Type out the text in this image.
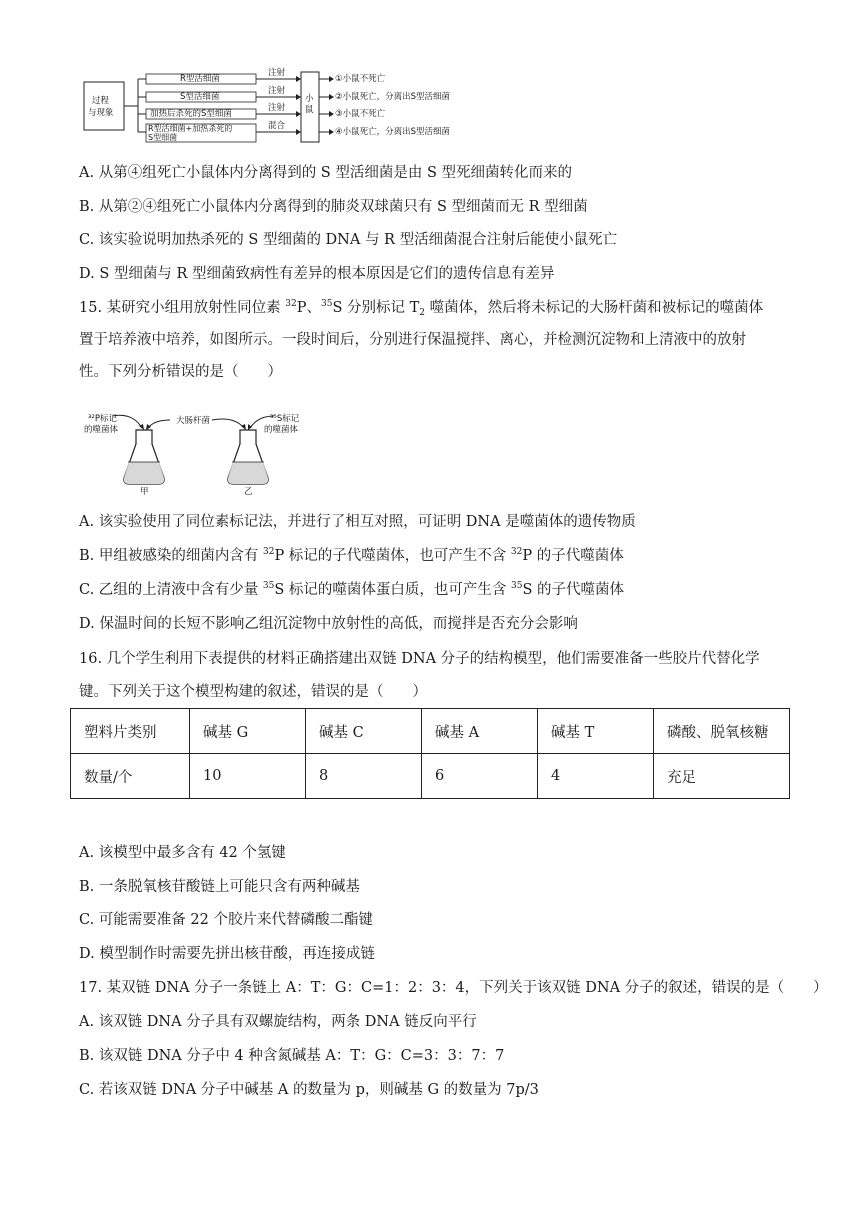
过程
与现象
R型活细菌
S型活细菌
加热后杀死的S型细菌
R型活细菌+加热杀死的
S型细菌
注射
注射
注射
混合
小鼠
①小鼠不死亡
②小鼠死亡，分离出S型活细菌
③小鼠不死亡
④小鼠死亡，分离出S型活细菌
A. 从第④组死亡小鼠体内分离得到的 S 型活细菌是由 S 型死细菌转化而来的
B. 从第②④组死亡小鼠体内分离得到的肺炎双球菌只有 S 型细菌而无 R 型细菌
C. 该实验说明加热杀死的 S 型细菌的 DNA 与 R 型活细菌混合注射后能使小鼠死亡
D. S 型细菌与 R 型细菌致病性有差异的根本原因是它们的遗传信息有差异
15. 某研究小组用放射性同位素 $^{32}$P、$^{35}$S 分别标记 $T_2$ 噬菌体，然后将未标记的大肠杆菌和被标记的噬菌体
置于培养液中培养，如图所示。一段时间后，分别进行保温搅拌、离心，并检测沉淀物和上清液中的放射
性。下列分析错误的是（　　）
³²P标记
的噬菌体
大肠杆菌	³⁵S标记
的噬菌体
甲	乙
A. 该实验使用了同位素标记法，并进行了相互对照，可证明 DNA 是噬菌体的遗传物质
B. 甲组被感染的细菌内含有 $^{32}$P 标记的子代噬菌体，也可产生不含 $^{32}$P 的子代噬菌体
C. 乙组的上清液中含有少量 $^{35}$S 标记的噬菌体蛋白质，也可产生含 $^{35}$S 的子代噬菌体
D. 保温时间的长短不影响乙组沉淀物中放射性的高低，而搅拌是否充分会影响
16. 几个学生利用下表提供的材料正确搭建出双链 DNA 分子的结构模型，他们需要准备一些胶片代替化学
键。下列关于这个模型构建的叙述，错误的是（　　）
塑料片类别	碱基 G	碱基 C	碱基 A	碱基 T	磷酸、脱氧核糖
数量/个	10	8	6	4	充足
A. 该模型中最多含有 42 个氢键
B. 一条脱氧核苷酸链上可能只含有两种碱基
C. 可能需要准备 22 个胶片来代替磷酸二酯键
D. 模型制作时需要先拼出核苷酸，再连接成链
17. 某双链 DNA 分子一条链上 A：T：G：C=1：2：3：4，下列关于该双链 DNA 分子的叙述，错误的是（　　）
A. 该双链 DNA 分子具有双螺旋结构，两条 DNA 链反向平行
B. 该双链 DNA 分子中 4 种含氮碱基 A：T：G：C=3：3：7：7
C. 若该双链 DNA 分子中碱基 A 的数量为 p，则碱基 G 的数量为 7p/3
